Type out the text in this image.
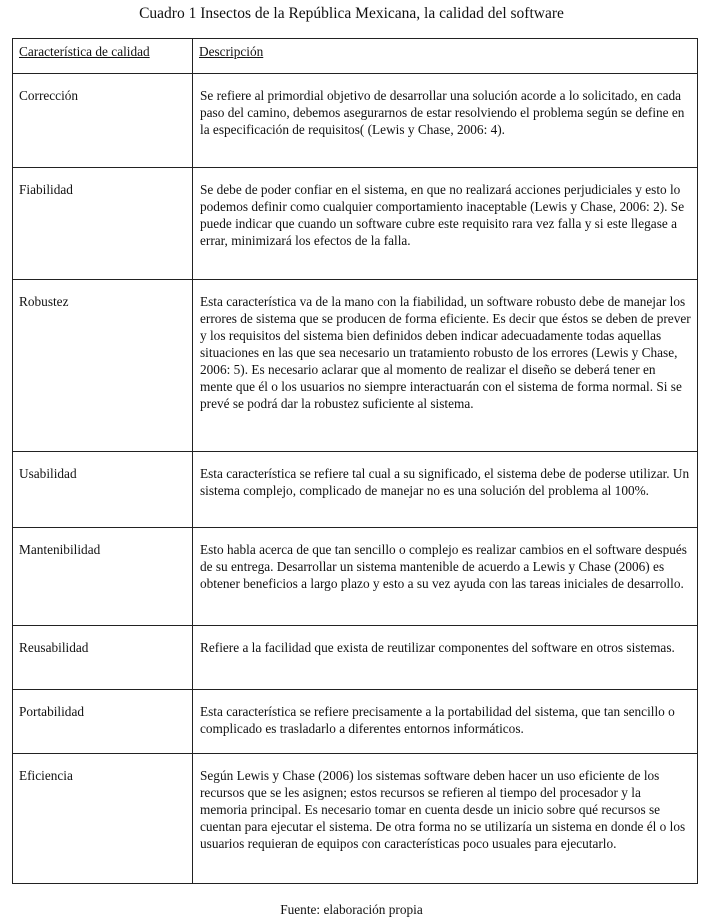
Cuadro 1 Insectos de la República Mexicana, la calidad del software
Característica de calidad	Descripción
Corrección	Se refiere al primordial objetivo de desarrollar una solución acorde a lo solicitado, en cada paso del camino, debemos asegurarnos de estar resolviendo el problema según se define en la especificación de requisitos( (Lewis y Chase, 2006: 4).
Fiabilidad	Se debe de poder confiar en el sistema, en que no realizará acciones perjudiciales y esto lo podemos definir como cualquier comportamiento inaceptable (Lewis y Chase, 2006: 2). Se puede indicar que cuando un software cubre este requisito rara vez falla y si este llegase a errar, minimizará los efectos de la falla.
Robustez	Esta característica va de la mano con la fiabilidad, un software robusto debe de manejar los errores de sistema que se producen de forma eficiente. Es decir que éstos se deben de prever y los requisitos del sistema bien definidos deben indicar adecuadamente todas aquellas situaciones en las que sea necesario un tratamiento robusto de los errores (Lewis y Chase, 2006: 5). Es necesario aclarar que al momento de realizar el diseño se deberá tener en mente que él o los usuarios no siempre interactuarán con el sistema de forma normal. Si se prevé se podrá dar la robustez suficiente al sistema.
Usabilidad	Esta característica se refiere tal cual a su significado, el sistema debe de poderse utilizar. Un sistema complejo, complicado de manejar no es una solución del problema al 100%.
Mantenibilidad	Esto habla acerca de que tan sencillo o complejo es realizar cambios en el software después de su entrega. Desarrollar un sistema mantenible de acuerdo a Lewis y Chase (2006) es obtener beneficios a largo plazo y esto a su vez ayuda con las tareas iniciales de desarrollo.
Reusabilidad	Refiere a la facilidad que exista de reutilizar componentes del software en otros sistemas.
Portabilidad	Esta característica se refiere precisamente a la portabilidad del sistema, que tan sencillo o complicado es trasladarlo a diferentes entornos informáticos.
Eficiencia	Según Lewis y Chase (2006) los sistemas software deben hacer un uso eficiente de los recursos que se les asignen; estos recursos se refieren al tiempo del procesador y la memoria principal. Es necesario tomar en cuenta desde un inicio sobre qué recursos se cuentan para ejecutar el sistema. De otra forma no se utilizaría un sistema en donde él o los usuarios requieran de equipos con características poco usuales para ejecutarlo.
Fuente: elaboración propia
